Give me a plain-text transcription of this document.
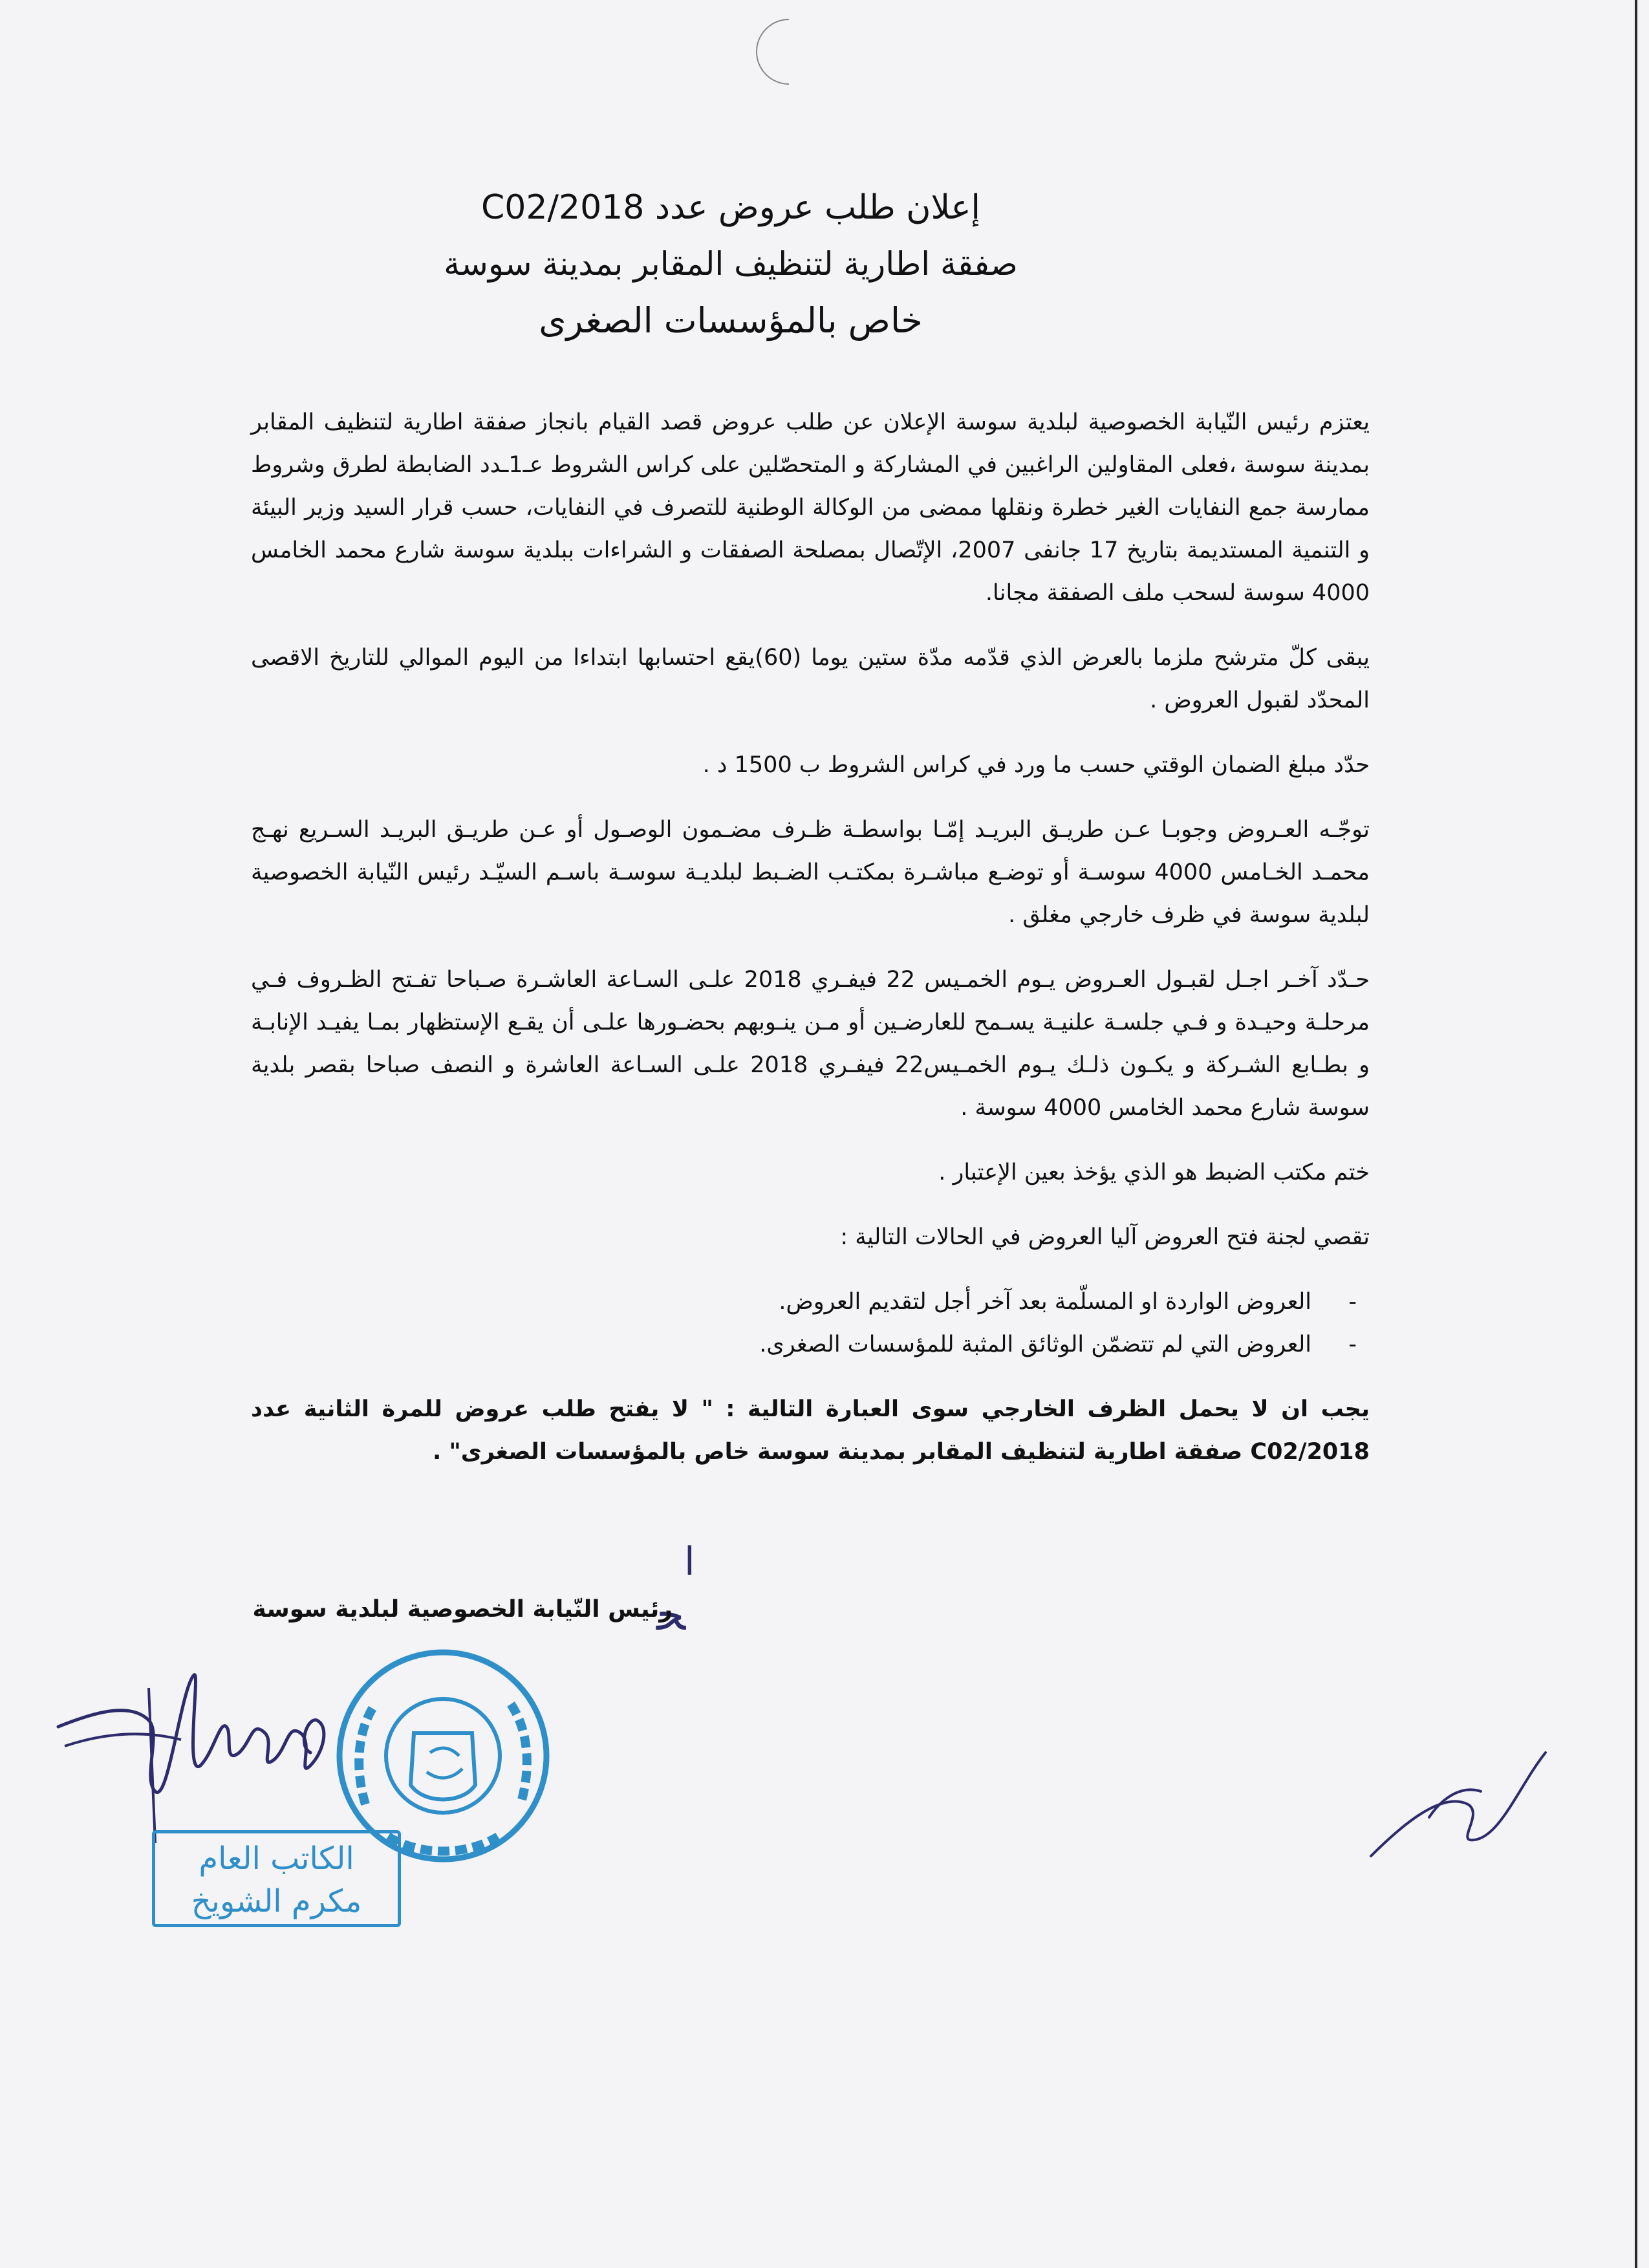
إعلان طلب عروض عدد C02/2018
صفقة اطارية لتنظيف المقابر بمدينة سوسة
خاص بالمؤسسات الصغرى

يعتزم رئيس النّيابة الخصوصية لبلدية سوسة الإعلان عن طلب عروض قصد القيام بانجاز صفقة اطارية لتنظيف المقابر بمدينة سوسة ،فعلى المقاولين الراغبين في المشاركة و المتحصّلين على كراس الشروط عـ1ـدد الضابطة لطرق وشروط ممارسة جمع النفايات الغير خطرة ونقلها ممضى من الوكالة الوطنية للتصرف في النفايات، حسب قرار السيد وزير البيئة و التنمية المستديمة بتاريخ 17 جانفى 2007، الإتّصال بمصلحة الصفقات و الشراءات ببلدية سوسة شارع محمد الخامس 4000 سوسة لسحب ملف الصفقة مجانا.

يبقى كلّ مترشح ملزما بالعرض الذي قدّمه مدّة ستين يوما (60)يقع احتسابها ابتداءا من اليوم الموالي للتاريخ الاقصى المحدّد لقبول العروض .

حدّد مبلغ الضمان الوقتي حسب ما ورد في كراس الشروط ب 1500 د .

توجّـه العـروض وجوبـا عـن طريـق البريـد إمّـا بواسطـة ظـرف مضـمون الوصـول أو عـن طريـق البريـد السـريع نهـج محمـد الخـامس 4000 سوسـة أو توضـع مباشـرة بمكتـب الضـبط لبلديـة سوسـة باسـم السيّـد رئيس النّيابة الخصوصية لبلدية سوسة في ظرف خارجي مغلق .

حـدّد آخـر اجـل لقبـول العـروض يـوم الخمـيس 22 فيفـري 2018 علـى السـاعة العاشـرة صـباحا تفـتح الظـروف فـي مرحلـة وحيـدة و فـي جلسـة علنيـة يسـمح للعارضـين أو مـن ينـوبهم بحضـورها علـى أن يقـع الإستظهار بمـا يفيـد الإنابـة و بطـابع الشـركة و يكـون ذلـك يـوم الخمـيس22 فيفـري 2018 علـى السـاعة العاشرة و النصف صباحا بقصر بلدية سوسة شارع محمد الخامس 4000 سوسة .

ختم مكتب الضبط هو الذي يؤخذ بعين الإعتبار .

تقصي لجنة فتح العروض آليا العروض في الحالات التالية :

- العروض الواردة او المسلّمة بعد آخر أجل لتقديم العروض.
- العروض التي لم تتضمّن الوثائق المثبة للمؤسسات الصغرى.

يجب ان لا يحمل الظرف الخارجي سوى العبارة التالية : " لا يفتح طلب عروض للمرة الثانية عدد C02/2018 صفقة اطارية لتنظيف المقابر بمدينة سوسة خاص بالمؤسسات الصغرى" .

ا
ﺤ
رئيس النّيابة الخصوصية لبلدية سوسة
الكاتب العام
مكرم الشويخ
